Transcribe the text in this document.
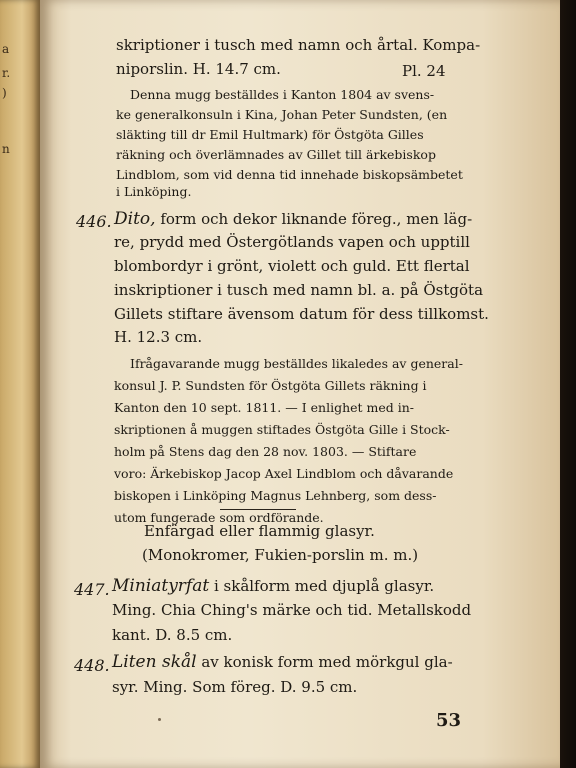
a
r.
)
n
skriptioner i tusch med namn och årtal. Kompa-
niporslin. H. 14.7 cm.	Pl. 24
Denna mugg beställdes i Kanton 1804 av svens-
ke generalkonsuln i Kina, Johan Peter Sundsten, (en
släkting till dr Emil Hultmark) för Östgöta Gilles
räkning och överlämnades av Gillet till ärkebiskop
Lindblom, som vid denna tid innehade biskopsämbetet
i Linköping.
446. Dito, form och dekor liknande föreg., men läg-
re, prydd med Östergötlands vapen och upptill
blombordyr i grönt, violett och guld. Ett flertal
inskriptioner i tusch med namn bl. a. på Östgöta
Gillets stiftare ävensom datum för dess tillkomst.
H. 12.3 cm.
Ifrågavarande mugg beställdes likaledes av general-
konsul J. P. Sundsten för Östgöta Gillets räkning i
Kanton den 10 sept. 1811. — I enlighet med in-
skriptionen å muggen stiftades Östgöta Gille i Stock-
holm på Stens dag den 28 nov. 1803. — Stiftare
voro: Ärkebiskop Jacop Axel Lindblom och dåvarande
biskopen i Linköping Magnus Lehnberg, som dess-
utom fungerade som ordförande.
Enfärgad eller flammig glasyr.
(Monokromer, Fukien-porslin m. m.)
447. Miniatyrfat i skålform med djuplå glasyr.
Ming. Chia Ching's märke och tid. Metallskodd
kant. D. 8.5 cm.
448. Liten skål av konisk form med mörkgul gla-
syr. Ming. Som föreg. D. 9.5 cm.
53
